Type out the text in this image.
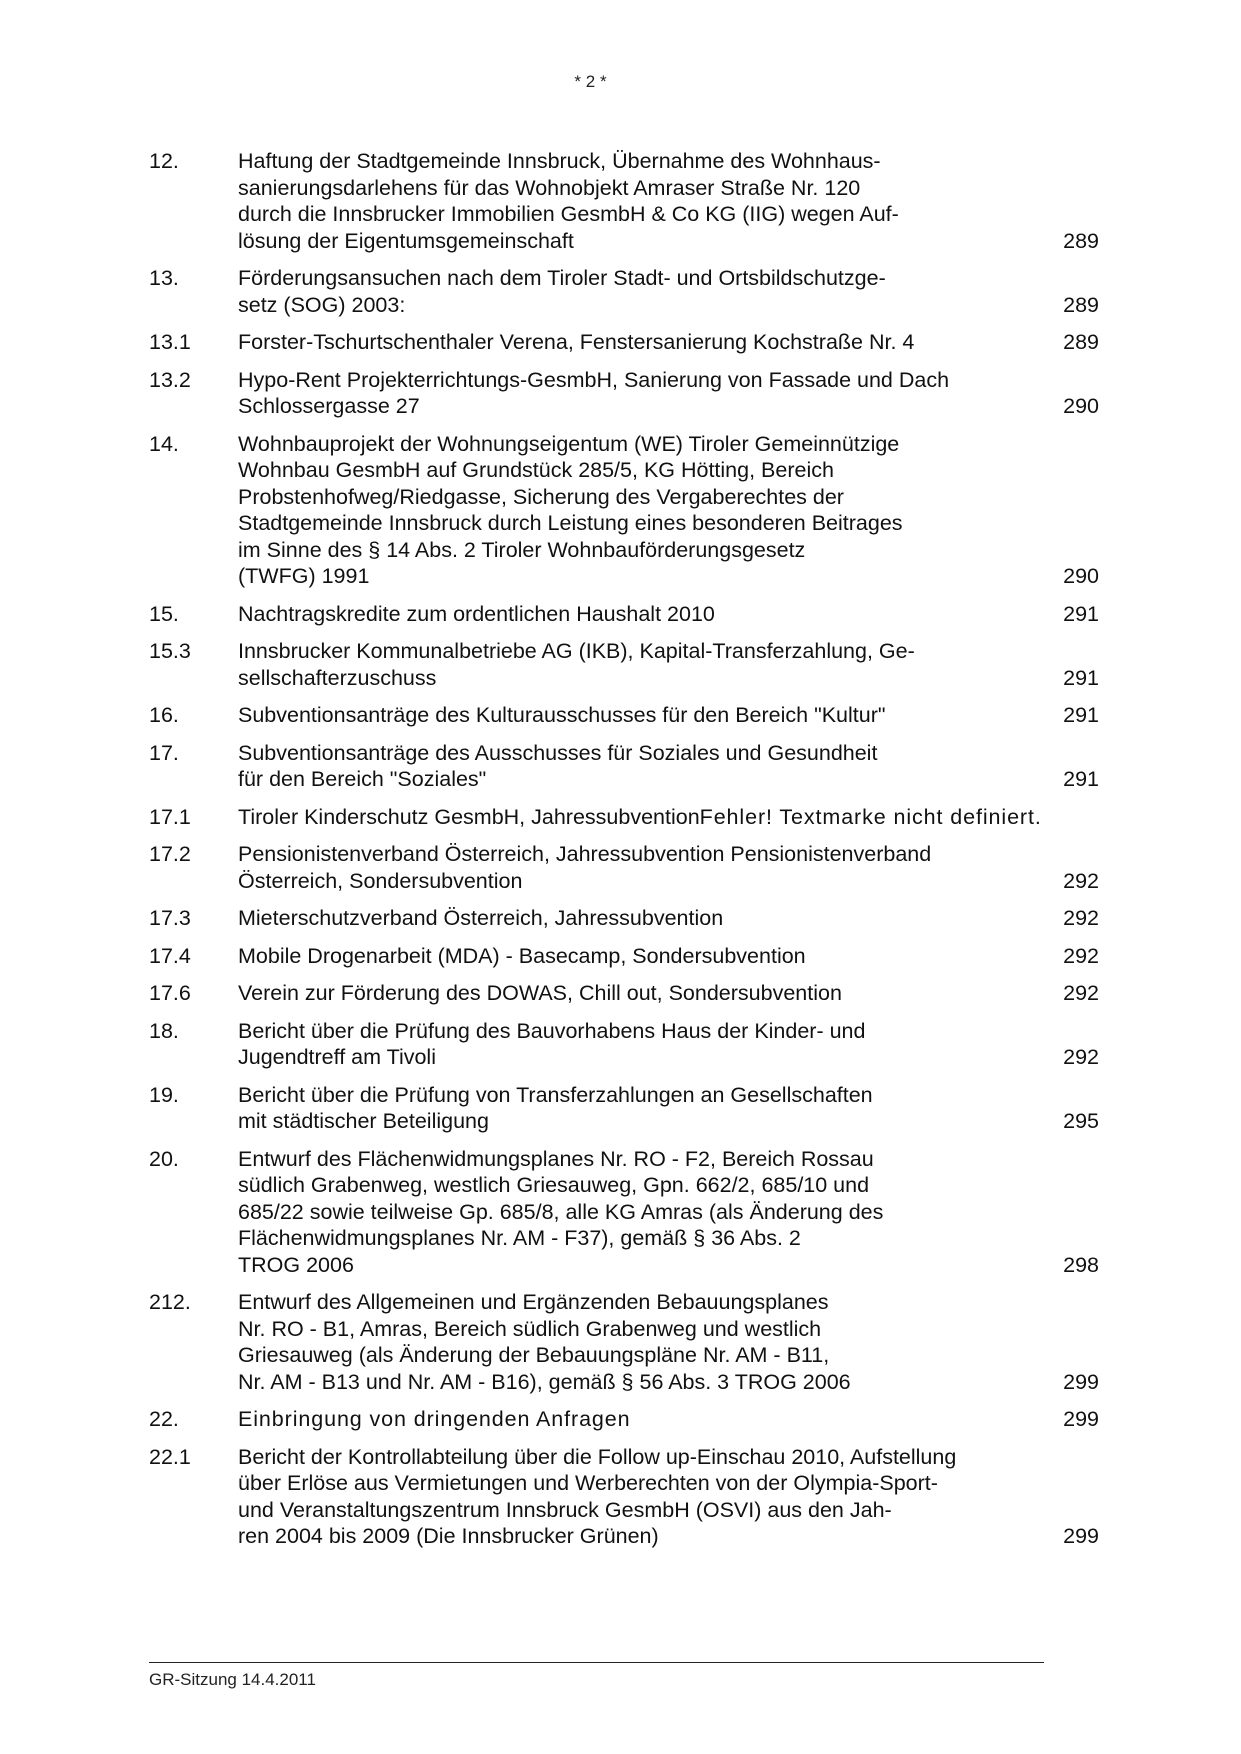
* 2 *
12.	Haftung der Stadtgemeinde Innsbruck, Übernahme des Wohnhaus-
sanierungsdarlehens für das Wohnobjekt Amraser Straße Nr. 120
durch die Innsbrucker Immobilien GesmbH & Co KG (IIG) wegen Auf-
lösung der Eigentumsgemeinschaft	289
13.	Förderungsansuchen nach dem Tiroler Stadt- und Ortsbildschutzge-
setz (SOG) 2003:	289
13.1	Forster-Tschurtschenthaler Verena, Fenstersanierung Kochstraße Nr. 4	289
13.2	Hypo-Rent Projekterrichtungs-GesmbH, Sanierung von Fassade und Dach
Schlossergasse 27	290
14.	Wohnbauprojekt der Wohnungseigentum (WE) Tiroler Gemeinnützige
Wohnbau GesmbH auf Grundstück 285/5, KG Hötting, Bereich
Probstenhofweg/Riedgasse, Sicherung des Vergaberechtes der
Stadtgemeinde Innsbruck durch Leistung eines besonderen Beitrages
im Sinne des § 14 Abs. 2 Tiroler Wohnbauförderungsgesetz
(TWFG) 1991	290
15.	Nachtragskredite zum ordentlichen Haushalt 2010	291
15.3	Innsbrucker Kommunalbetriebe AG (IKB), Kapital-Transferzahlung, Ge-
sellschafterzuschuss	291
16.	Subventionsanträge des Kulturausschusses für den Bereich "Kultur"	291
17.	Subventionsanträge des Ausschusses für Soziales und Gesundheit
für den Bereich "Soziales"	291
17.1	Tiroler Kinderschutz GesmbH, JahressubventionFehler! Textmarke nicht definiert.
17.2	Pensionistenverband Österreich, Jahressubvention Pensionistenverband
Österreich, Sondersubvention	292
17.3	Mieterschutzverband Österreich, Jahressubvention	292
17.4	Mobile Drogenarbeit (MDA) - Basecamp, Sondersubvention	292
17.6	Verein zur Förderung des DOWAS, Chill out, Sondersubvention	292
18.	Bericht über die Prüfung des Bauvorhabens Haus der Kinder- und
Jugendtreff am Tivoli	292
19.	Bericht über die Prüfung von Transferzahlungen an Gesellschaften
mit städtischer Beteiligung	295
20.	Entwurf des Flächenwidmungsplanes Nr. RO - F2, Bereich Rossau
südlich Grabenweg, westlich Griesauweg, Gpn. 662/2, 685/10 und
685/22 sowie teilweise Gp. 685/8, alle KG Amras (als Änderung des
Flächenwidmungsplanes Nr. AM - F37), gemäß § 36 Abs. 2
TROG 2006	298
212.	Entwurf des Allgemeinen und Ergänzenden Bebauungsplanes
Nr. RO - B1, Amras, Bereich südlich Grabenweg und westlich
Griesauweg (als Änderung der Bebauungspläne Nr. AM - B11,
Nr. AM - B13 und Nr. AM - B16), gemäß § 56 Abs. 3 TROG 2006	299
22.	Einbringung von dringenden Anfragen	299
22.1	Bericht der Kontrollabteilung über die Follow up-Einschau 2010, Aufstellung
über Erlöse aus Vermietungen und Werberechten von der Olympia-Sport-
und Veranstaltungszentrum Innsbruck GesmbH (OSVI) aus den Jah-
ren 2004 bis 2009 (Die Innsbrucker Grünen)	299
GR-Sitzung 14.4.2011
